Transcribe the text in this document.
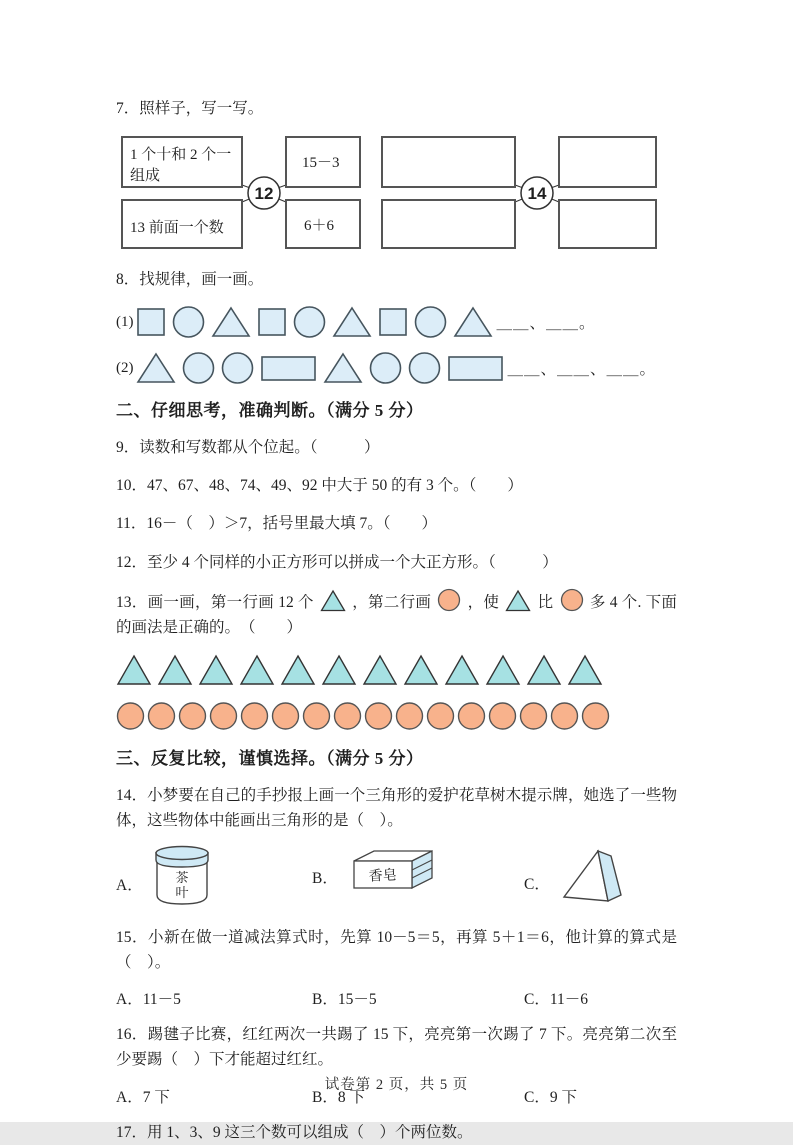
7．照样子，写一写。

1 个十和 2 个一
组成
13 前面一个数
15－3
6＋6
12	14

8．找规律，画一画。

(1)	＿＿、＿＿。
(2)	＿＿、＿＿、＿＿。
二、仔细思考，准确判断。（满分 5 分）

9．读数和写数都从个位起。（　　　）

10．47、67、48、74、49、92 中大于 50 的有 3 个。（　　）

11．16－（　）＞7，括号里最大填 7。（　　）

12．至少 4 个同样的小正方形可以拼成一个大正方形。（　　　）

13．画一画，第一行画 12 个 ，第二行画 ，使 比 多 4 个. 下面的画法是正确的。　（　　）

三、反复比较，谨慎选择。（满分 5 分）

14．小梦要在自己的手抄报上画一个三角形的爱护花草树木提示牌，她选了一些物体，这些物体中能画出三角形的是（　）。

A． 茶
叶
B． 香皂	C．

15．小新在做一道减法算式时，先算 10－5＝5，再算 5＋1＝6，他计算的算式是（　）。

A．11－5	B．15－5	C．11－6

16．踢毽子比赛，红红两次一共踢了 15 下，亮亮第一次踢了 7 下。亮亮第二次至少要踢（　）下才能超过红红。

A．7 下	B．8 下	C．9 下

17．用 1、3、9 这三个数可以组成（　）个两位数。

试卷第 2 页，共 5 页
